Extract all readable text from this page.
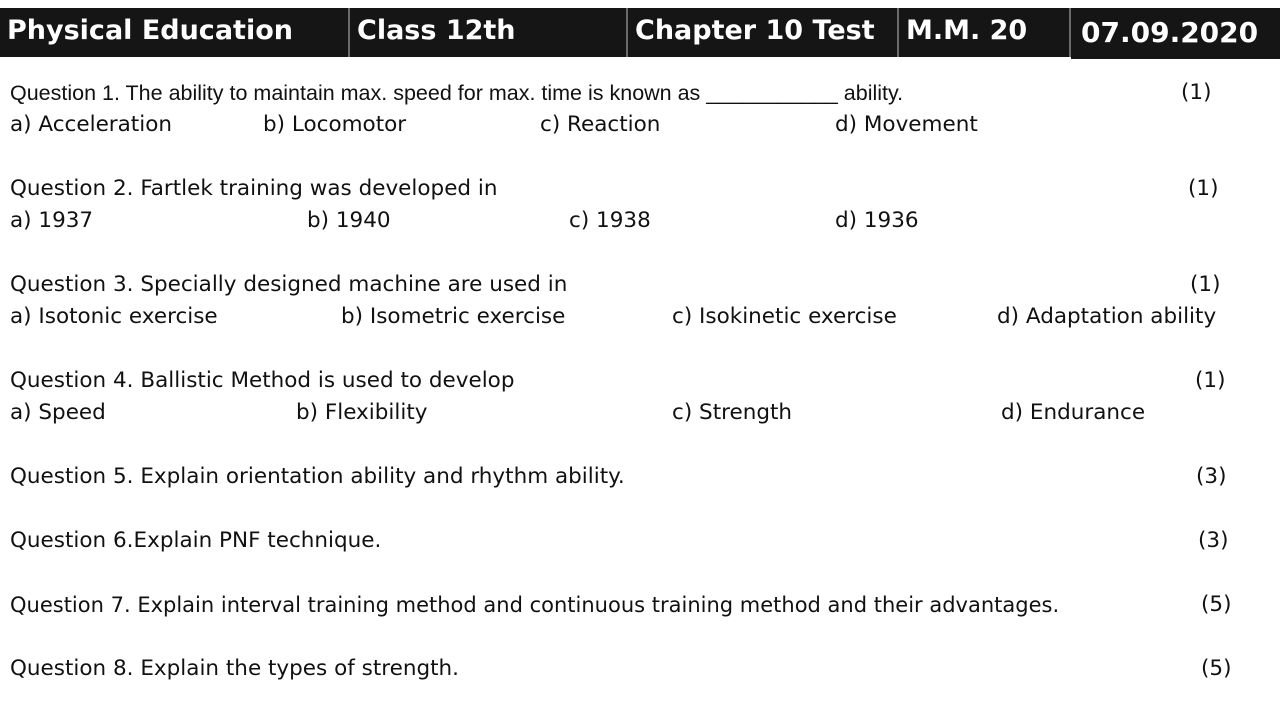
Physical Education	Class 12th	Chapter 10 Test	M.M. 20	07.09.2020
Question 1. The ability to maintain max. speed for max. time is known as ___________ ability.	(1)
a) Acceleration	b) Locomotor	c) Reaction	d) Movement
Question 2. Fartlek training was developed in	(1)
a) 1937	b) 1940	c) 1938	d) 1936
Question 3. Specially designed machine are used in	(1)
a) Isotonic exercise	b) Isometric exercise	c) Isokinetic exercise	d) Adaptation ability
Question 4. Ballistic Method is used to develop	(1)
a) Speed	b) Flexibility	c) Strength	d) Endurance
Question 5. Explain orientation ability and rhythm ability.	(3)
Question 6.Explain PNF technique.	(3)
Question 7. Explain interval training method and continuous training method and their advantages.	(5)
Question 8. Explain the types of strength.	(5)
